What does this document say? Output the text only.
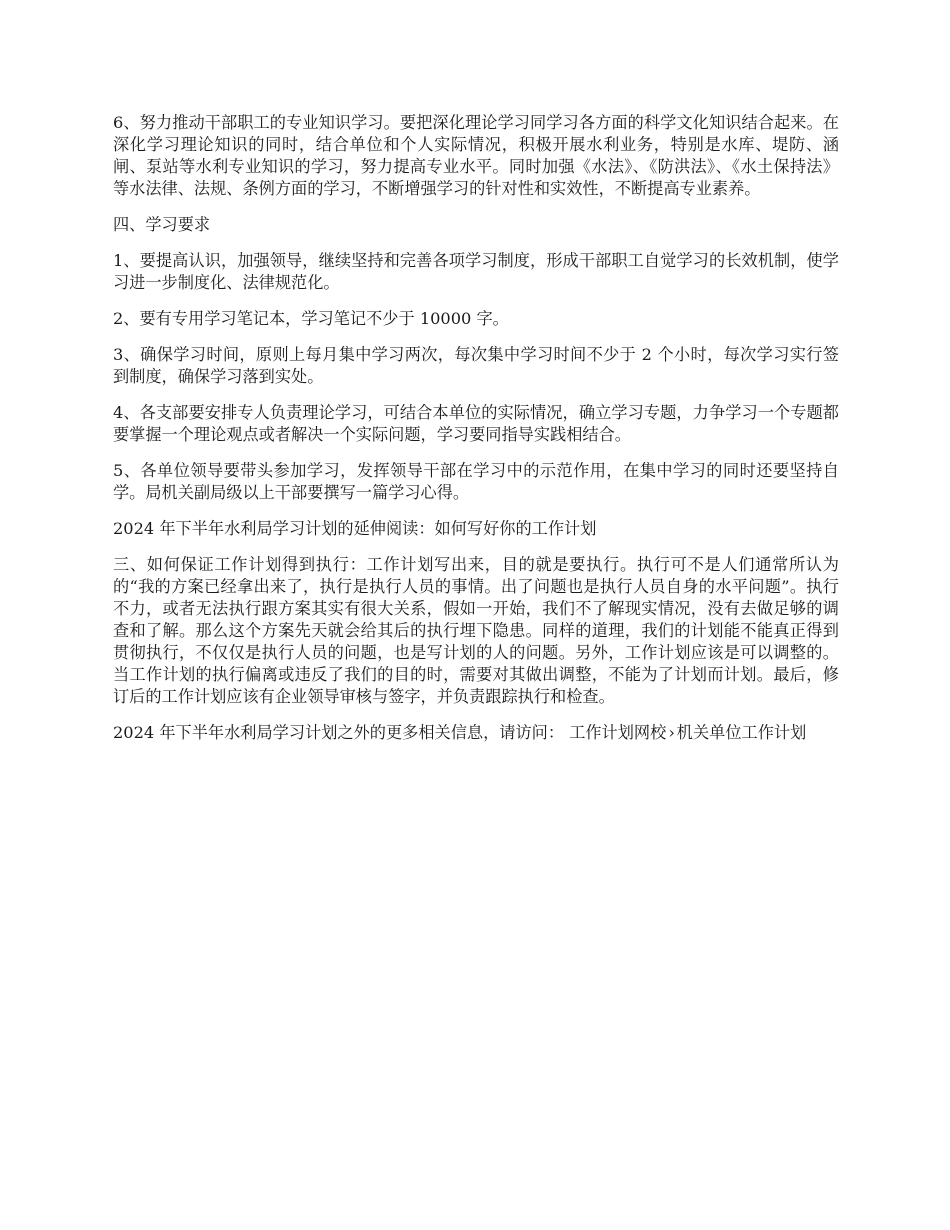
6、努力推动干部职工的专业知识学习。要把深化理论学习同学习各方面的科学文化知识结合起来。在深化学习理论知识的同时，结合单位和个人实际情况，积极开展水利业务，特别是水库、堤防、涵闸、泵站等水利专业知识的学习，努力提高专业水平。同时加强《水法》、《防洪法》、《水土保持法》等水法律、法规、条例方面的学习，不断增强学习的针对性和实效性，不断提高专业素养。

四、学习要求

1、要提高认识，加强领导，继续坚持和完善各项学习制度，形成干部职工自觉学习的长效机制，使学习进一步制度化、法律规范化。

2、要有专用学习笔记本，学习笔记不少于 10000 字。

3、确保学习时间，原则上每月集中学习两次，每次集中学习时间不少于 2 个小时，每次学习实行签到制度，确保学习落到实处。

4、各支部要安排专人负责理论学习，可结合本单位的实际情况，确立学习专题，力争学习一个专题都要掌握一个理论观点或者解决一个实际问题，学习要同指导实践相结合。

5、各单位领导要带头参加学习，发挥领导干部在学习中的示范作用，在集中学习的同时还要坚持自学。局机关副局级以上干部要撰写一篇学习心得。

2024 年下半年水利局学习计划的延伸阅读：如何写好你的工作计划

三、如何保证工作计划得到执行：工作计划写出来，目的就是要执行。执行可不是人们通常所认为的“我的方案已经拿出来了，执行是执行人员的事情。出了问题也是执行人员自身的水平问题”。执行不力，或者无法执行跟方案其实有很大关系，假如一开始，我们不了解现实情况，没有去做足够的调查和了解。那么这个方案先天就会给其后的执行埋下隐患。同样的道理，我们的计划能不能真正得到贯彻执行，不仅仅是执行人员的问题，也是写计划的人的问题。另外，工作计划应该是可以调整的。当工作计划的执行偏离或违反了我们的目的时，需要对其做出调整，不能为了计划而计划。最后，修订后的工作计划应该有企业领导审核与签字，并负责跟踪执行和检查。

2024 年下半年水利局学习计划之外的更多相关信息，请访问： 工作计划网校 › 机关单位工作计划
